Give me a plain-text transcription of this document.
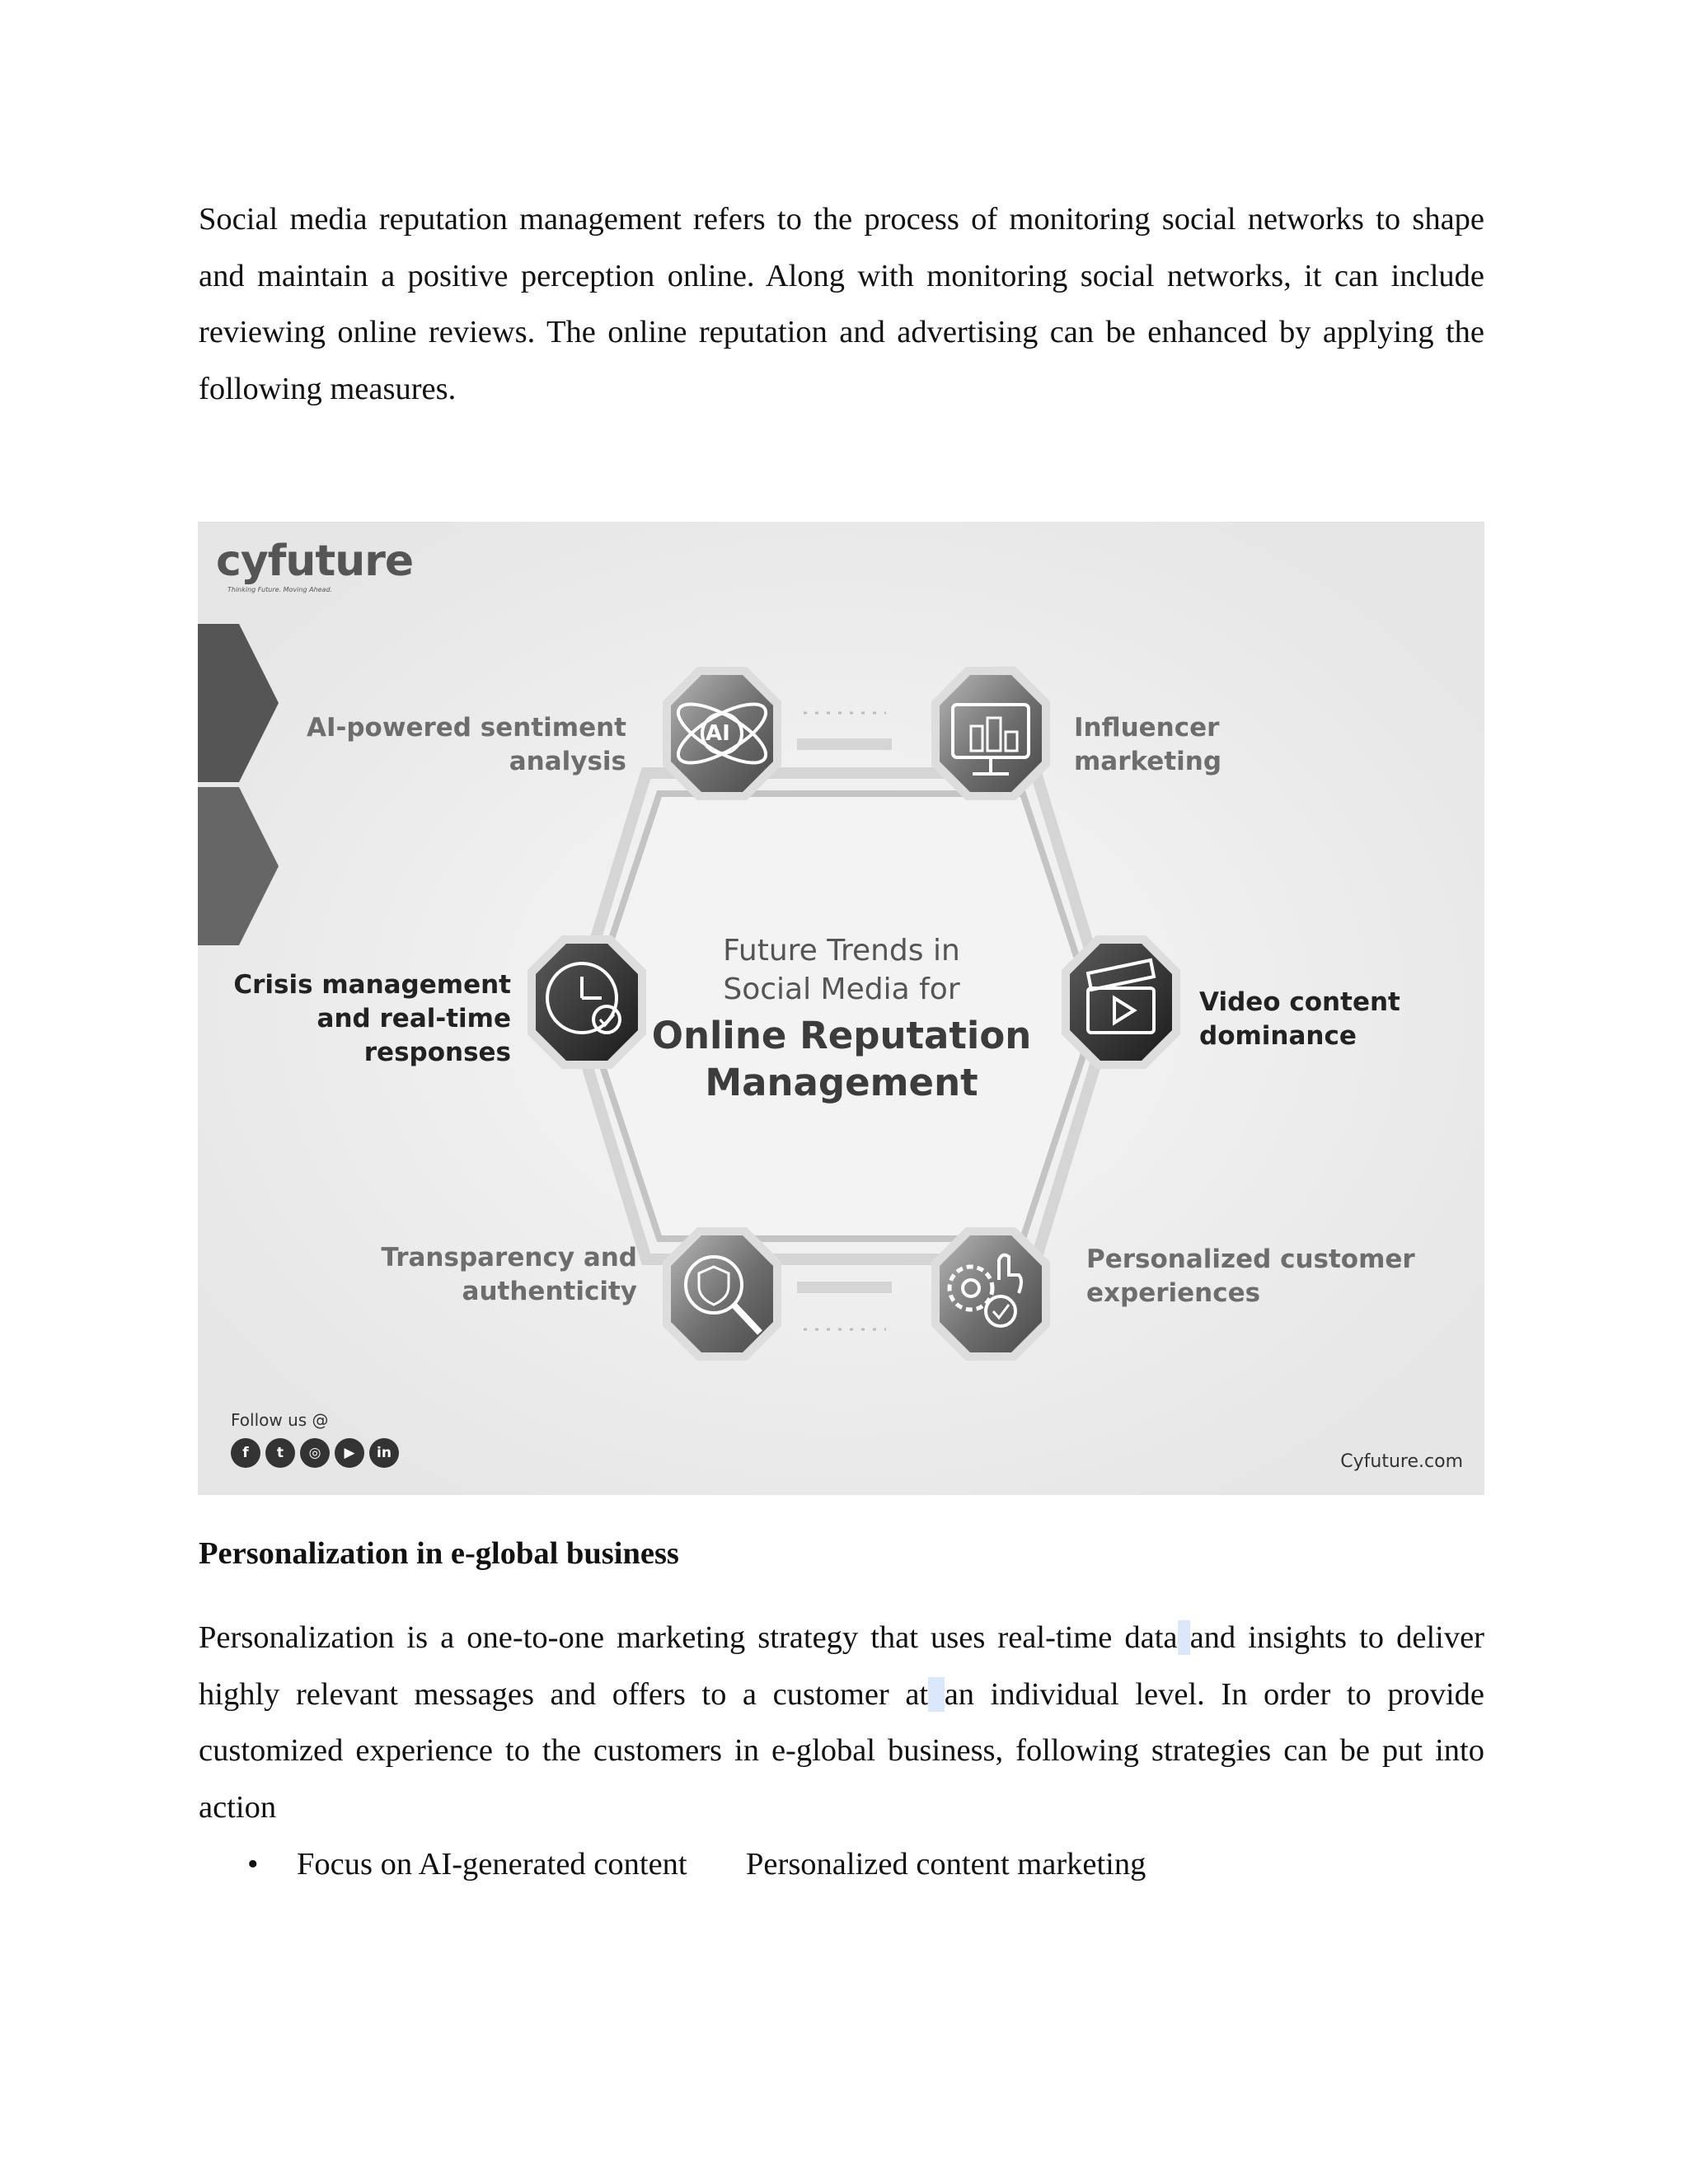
Social media reputation management refers to the process of monitoring social networks to shape and maintain a positive perception online. Along with monitoring social networks, it can include reviewing online reviews. The online reputation and advertising can be enhanced by applying the following measures.

cyfuture
Thinking Future. Moving Ahead.
AI
Future Trends in
Social Media for
Online Reputation
Management
AI-powered sentiment
analysis
Influencer
marketing
Crisis management
and real-time
responses
Video content
dominance
Transparency and
authenticity
Personalized customer
experiences
Follow us @
f	t	◎	▶	in	Cyfuture.com

Personalization in e-global business

Personalization is a one-to-one marketing strategy that uses real-time data and insights to deliver highly relevant messages and offers to a customer at an individual level. In order to provide customized experience to the customers in e-global business, following strategies can be put into action

•

Focus on AI-generated content

Personalized content marketing
